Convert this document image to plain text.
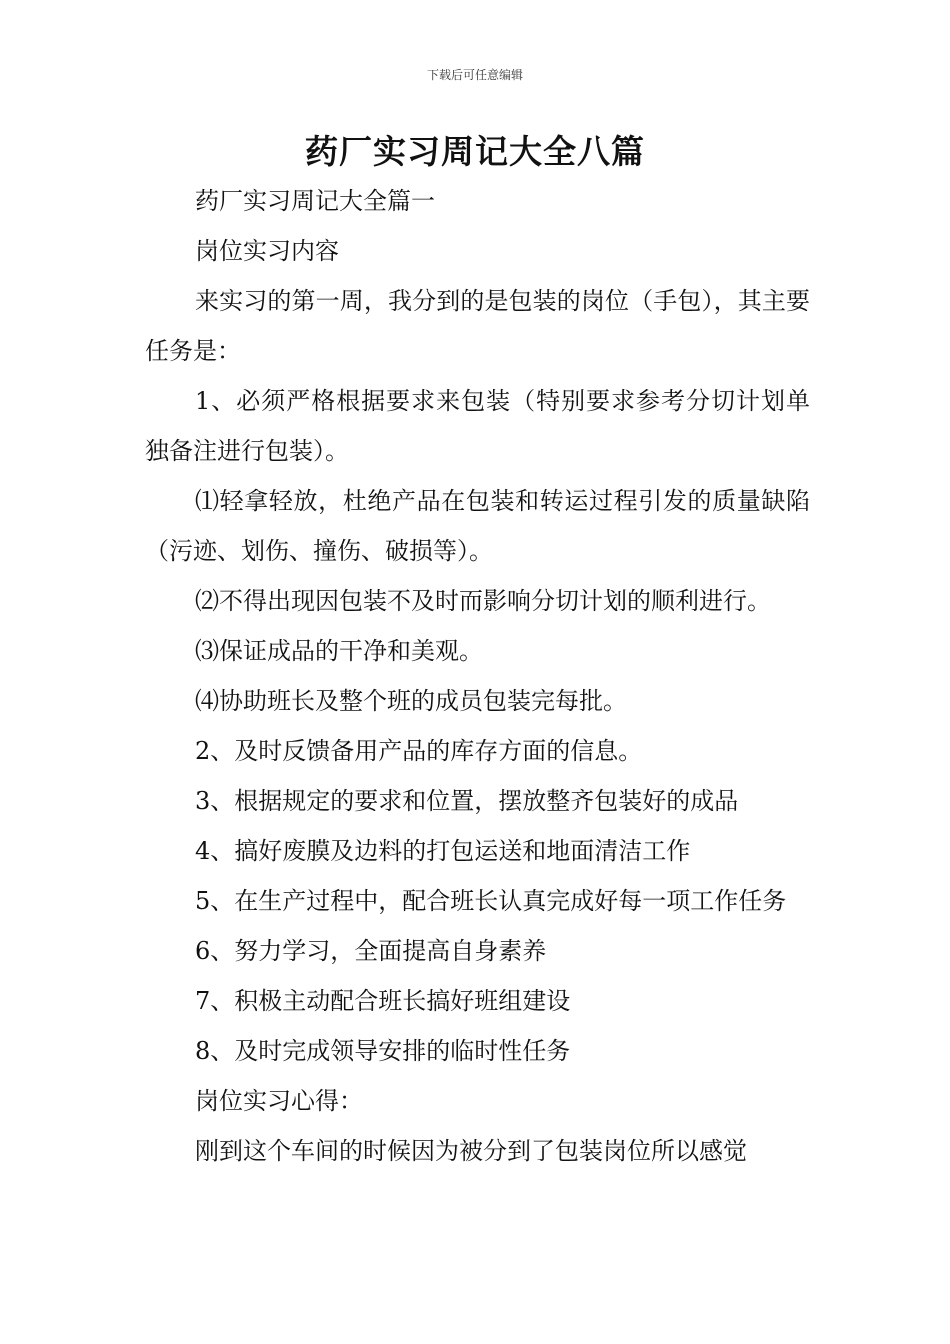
下载后可任意编辑
药厂实习周记大全八篇

药厂实习周记大全篇一

岗位实习内容

来实习的第一周，我分到的是包装的岗位（手包），其主要任务是：

1、必须严格根据要求来包装（特别要求参考分切计划单独备注进行包装）。

⑴轻拿轻放，杜绝产品在包装和转运过程引发的质量缺陷（污迹、划伤、撞伤、破损等）。

⑵不得出现因包装不及时而影响分切计划的顺利进行。

⑶保证成品的干净和美观。

⑷协助班长及整个班的成员包装完每批。

2、及时反馈备用产品的库存方面的信息。

3、根据规定的要求和位置，摆放整齐包装好的成品

4、搞好废膜及边料的打包运送和地面清洁工作

5、在生产过程中，配合班长认真完成好每一项工作任务

6、努力学习，全面提高自身素养

7、积极主动配合班长搞好班组建设

8、及时完成领导安排的临时性任务

岗位实习心得：

刚到这个车间的时候因为被分到了包装岗位所以感觉
